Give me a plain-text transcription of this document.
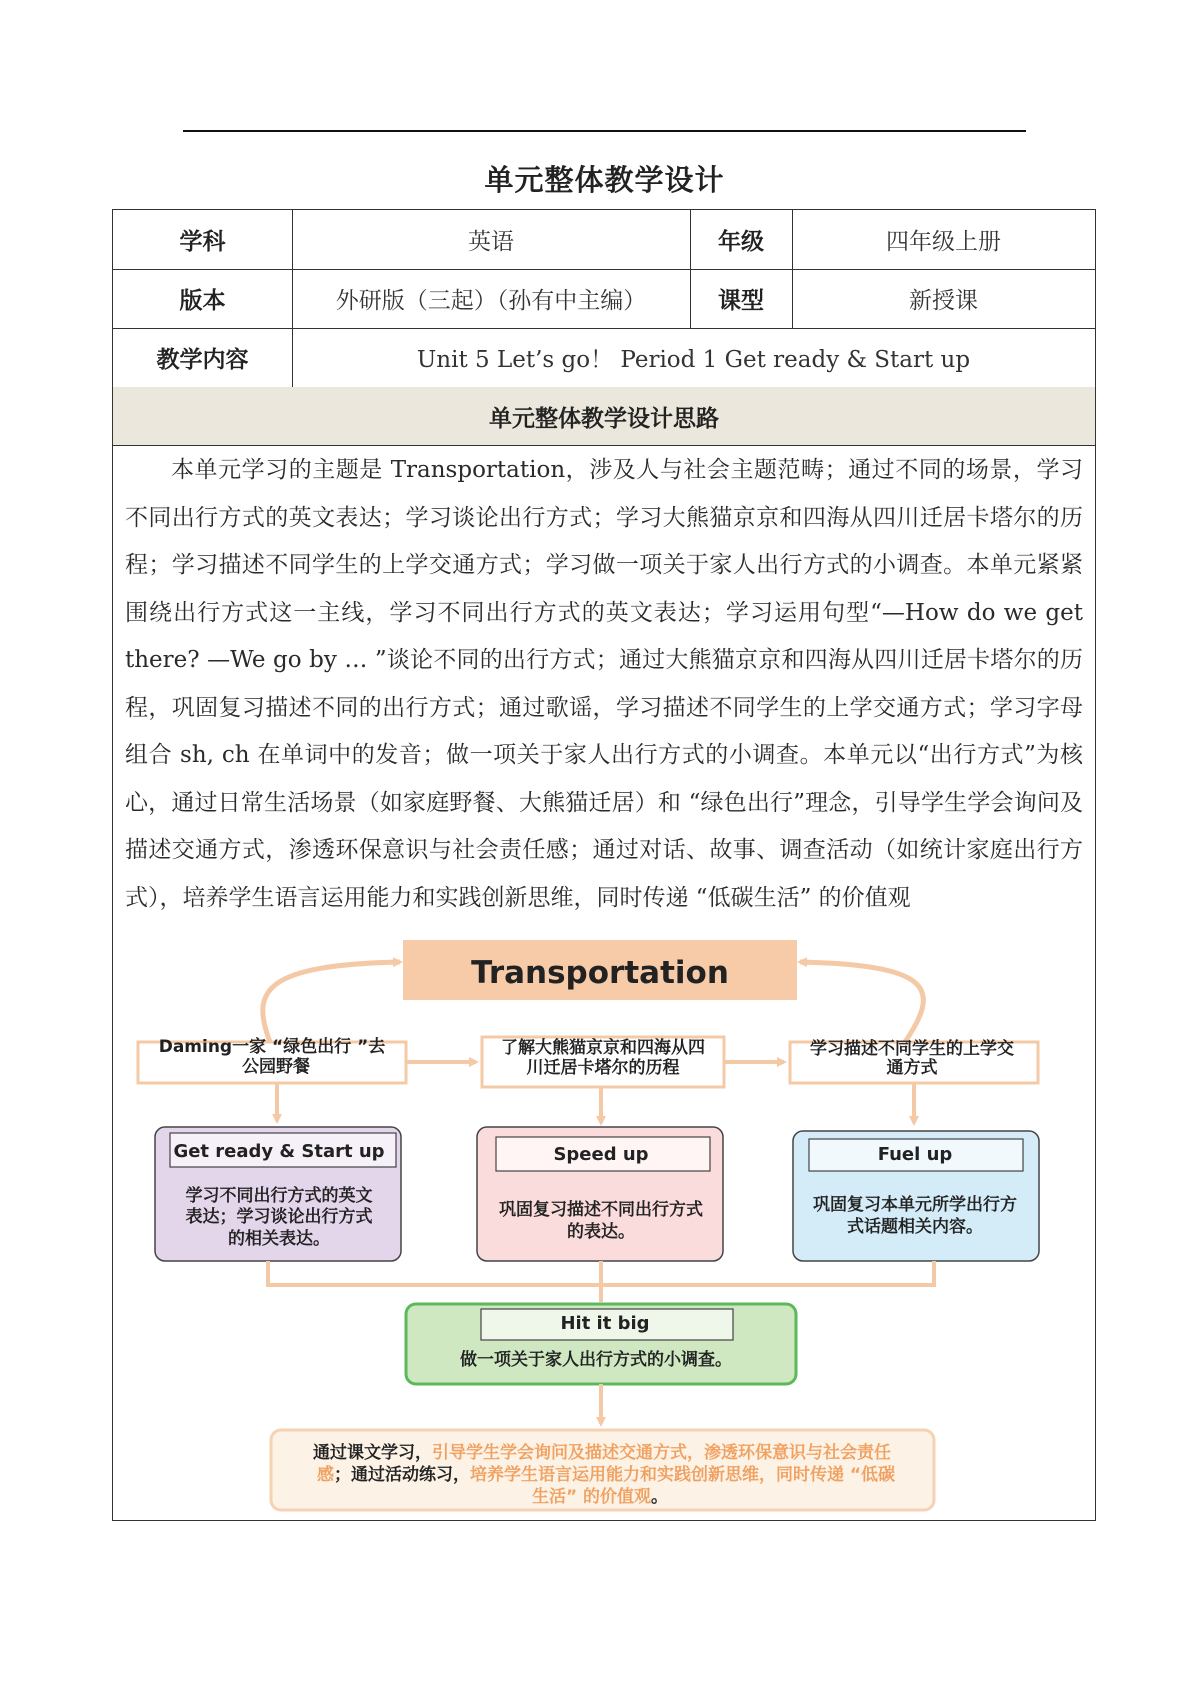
单元整体教学设计
学科	英语	年级	四年级上册
版本	外研版（三起）（孙有中主编）	课型	新授课
教学内容	Unit 5 Let’s go！ Period 1 Get ready & Start up
单元整体教学设计思路

本单元学习的主题是 Transportation，涉及人与社会主题范畴；通过不同的场景，学习不同出行方式的英文表达；学习谈论出行方式；学习大熊猫京京和四海从四川迁居卡塔尔的历程；学习描述不同学生的上学交通方式；学习做一项关于家人出行方式的小调查。本单元紧紧围绕出行方式这一主线，学习不同出行方式的英文表达；学习运用句型“—How do we get there? —We go by … ”谈论不同的出行方式；通过大熊猫京京和四海从四川迁居卡塔尔的历程，巩固复习描述不同的出行方式；通过歌谣，学习描述不同学生的上学交通方式；学习字母组合 sh, ch 在单词中的发音；做一项关于家人出行方式的小调查。本单元以“出行方式”为核心，通过日常生活场景（如家庭野餐、大熊猫迁居）和 “绿色出行”理念，引导学生学会询问及描述交通方式，渗透环保意识与社会责任感；通过对话、故事、调查活动（如统计家庭出行方式），培养学生语言运用能力和实践创新思维，同时传递 “低碳生活” 的价值观

Transportation
Daming一家 “绿色出行 ”去
公园野餐
了解大熊猫京京和四海从四
川迁居卡塔尔的历程
学习描述不同学生的上学交
通方式
Get ready & Start up
学习不同出行方式的英文
表达；学习谈论出行方式
的相关表达。
Speed up
巩固复习描述不同出行方式
的表达。
Fuel up
巩固复习本单元所学出行方
式话题相关内容。
Hit it big
做一项关于家人出行方式的小调查。
通过课文学习，引导学生学会询问及描述交通方式，渗透环保意识与社会责任
感；通过活动练习，培养学生语言运用能力和实践创新思维，同时传递 “低碳
生活” 的价值观。
